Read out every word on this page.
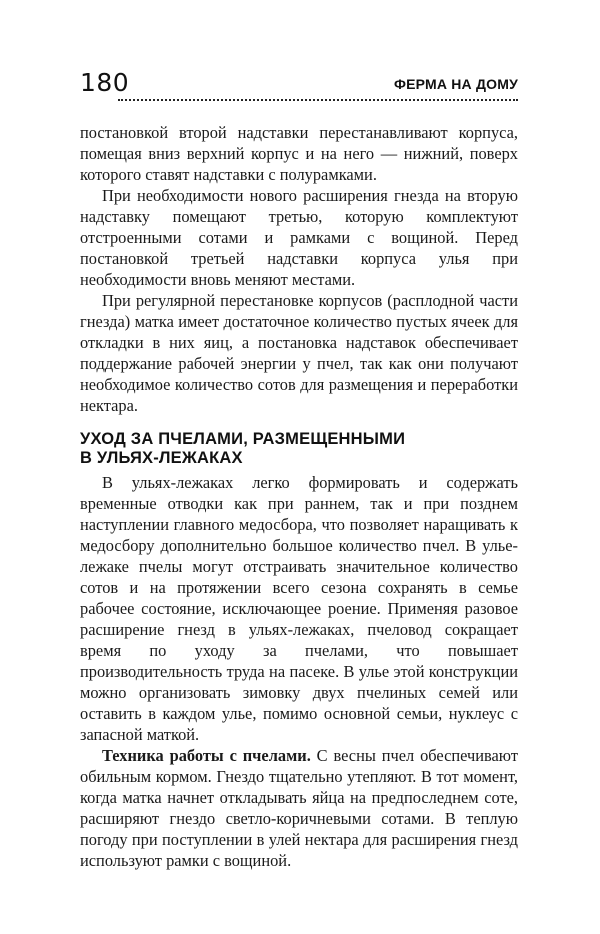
180	ФЕРМА НА ДОМУ

постановкой второй надставки перестанавливают корпуса, помещая вниз верхний корпус и на него — нижний, поверх которого ставят надставки с полурамками.

При необходимости нового расширения гнезда на вторую надставку помещают третью, которую комплектуют отстроенными сотами и рамками с вощиной. Перед постановкой третьей надставки корпуса улья при необходимости вновь меняют местами.

При регулярной перестановке корпусов (расплодной части гнезда) матка имеет достаточное количество пустых ячеек для откладки в них яиц, а постановка надставок обеспечивает поддержание рабочей энергии у пчел, так как они получают необходимое количество сотов для размещения и переработки нектара.

УХОД ЗА ПЧЕЛАМИ, РАЗМЕЩЕННЫМИ
В УЛЬЯХ-ЛЕЖАКАХ

В ульях-лежаках легко формировать и содержать временные отводки как при раннем, так и при позднем наступлении главного медосбора, что позволяет наращивать к медосбору дополнительно большое количество пчел. В улье-лежаке пчелы могут отстраивать значительное количество сотов и на протяжении всего сезона сохранять в семье рабочее состояние, исключающее роение. Применяя разовое расширение гнезд в ульях-лежаках, пчеловод сокращает время по уходу за пчелами, что повышает производительность труда на пасеке. В улье этой конструкции можно организовать зимовку двух пчелиных семей или оставить в каждом улье, помимо основной семьи, нуклеус с запасной маткой.

Техника работы с пчелами. С весны пчел обеспечивают обильным кормом. Гнездо тщательно утепляют. В тот момент, когда матка начнет откладывать яйца на предпоследнем соте, расширяют гнездо светло-коричневыми сотами. В теплую погоду при поступлении в улей нектара для расширения гнезд используют рамки с вощиной.
